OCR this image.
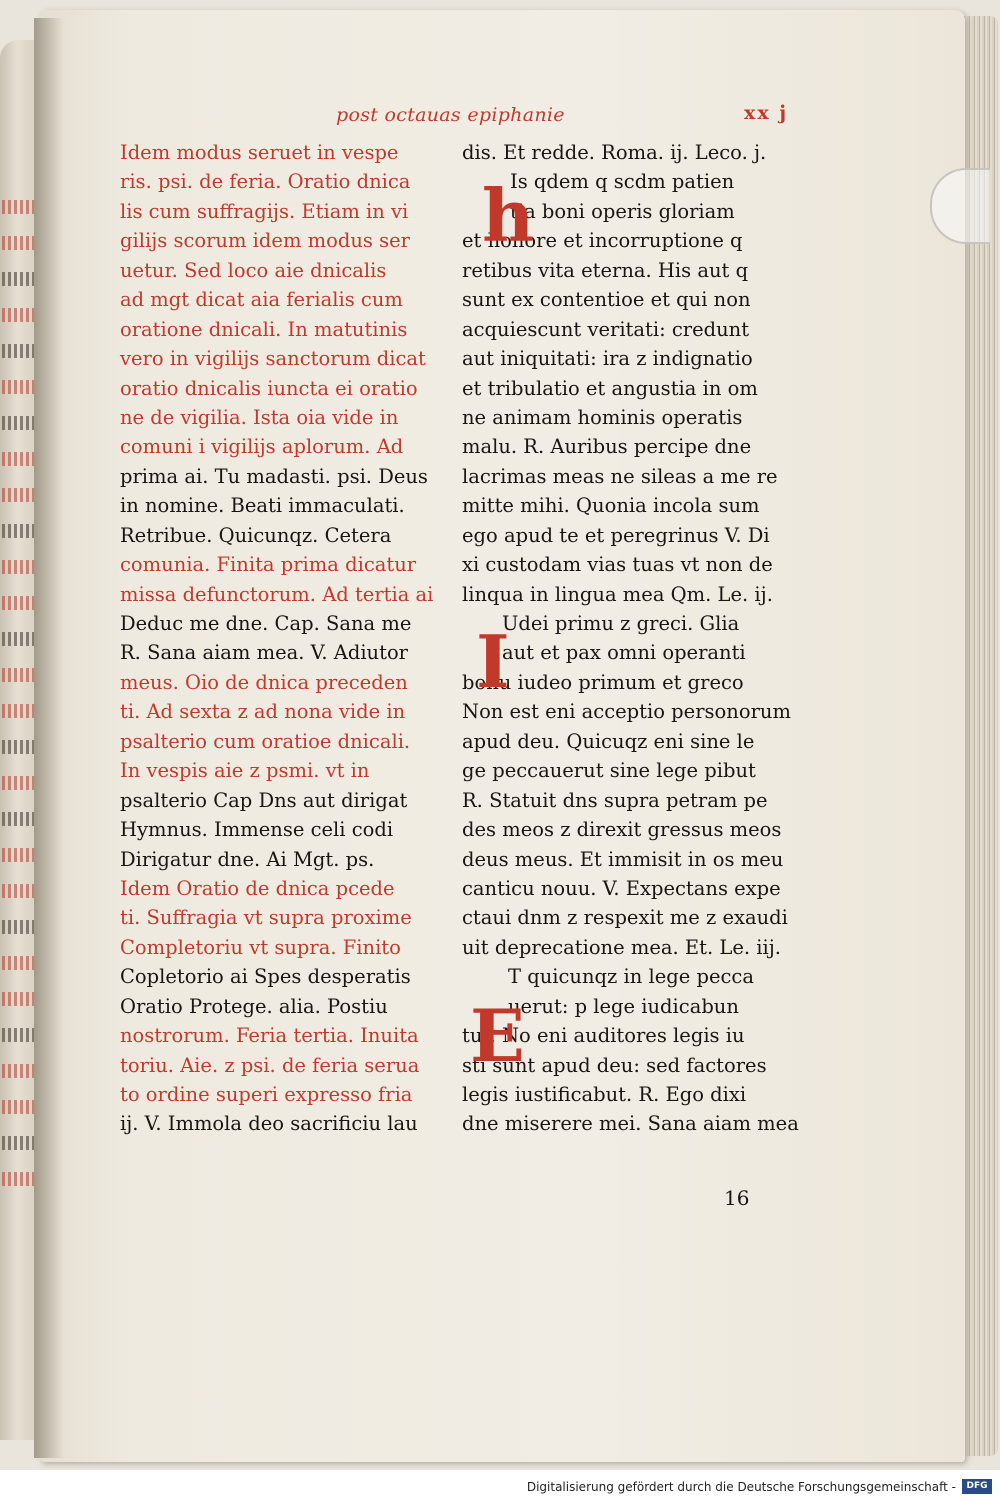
post octauas epiphanie	xx j
Idem modus seruet in vespe
ris. psi. de feria. Oratio dnica
lis cum suffragijs. Etiam in vi
gilijs scorum idem modus ser
uetur. Sed loco aie dnicalis
ad mgt dicat aia ferialis cum
oratione dnicali. In matutinis
vero in vigilijs sanctorum dicat
oratio dnicalis iuncta ei oratio
ne de vigilia. Ista oia vide in
comuni i vigilijs aplorum. Ad
prima ai. Tu madasti. psi. Deus
in nomine. Beati immaculati.
Retribue. Quicunqz. Cetera
comunia. Finita prima dicatur
missa defunctorum. Ad tertia ai
Deduc me dne. Cap. Sana me
R. Sana aiam mea. V. Adiutor
meus. Oio de dnica preceden
ti. Ad sexta z ad nona vide in
psalterio cum oratioe dnicali.
In vespis aie z psmi. vt in
psalterio Cap Dns aut dirigat
Hymnus. Immense celi codi
Dirigatur dne. Ai Mgt. ps.
Idem Oratio de dnica pcede
ti. Suffragia vt supra proxime
Completoriu vt supra. Finito
Copletorio ai Spes desperatis
Oratio Protege. alia. Postiu
nostrorum. Feria tertia. Inuita
toriu. Aie. z psi. de feria serua
to ordine superi expresso fria
ij. V. Immola deo sacrificiu lau
dis. Et redde. Roma. ij. Leco. j.
Is qdem q scdm patien
tia boni operis gloriam
et honore et incorruptione q
retibus vita eterna. His aut q
sunt ex contentioe et qui non
acquiescunt veritati: credunt
aut iniquitati: ira z indignatio
et tribulatio et angustia in om
ne animam hominis operatis
malu. R. Auribus percipe dne
lacrimas meas ne sileas a me re
mitte mihi. Quonia incola sum
ego apud te et peregrinus V. Di
xi custodam vias tuas vt non de
linqua in lingua mea Qm. Le. ij.
Udei primu z greci. Glia
aut et pax omni operanti
bonu iudeo primum et greco
Non est eni acceptio personorum
apud deu. Quicuqz eni sine le
ge peccauerut sine lege pibut
R. Statuit dns supra petram pe
des meos z direxit gressus meos
deus meus. Et immisit in os meu
canticu nouu. V. Expectans expe
ctaui dnm z respexit me z exaudi
uit deprecatione mea. Et. Le. iij.
T quicunqz in lege pecca
uerut: p lege iudicabun
tur. No eni auditores legis iu
sti sunt apud deu: sed factores
legis iustificabut. R. Ego dixi
dne miserere mei. Sana aiam mea
h
I
E
16
Digitalisierung gefördert durch die Deutsche Forschungsgemeinschaft -	DFG
